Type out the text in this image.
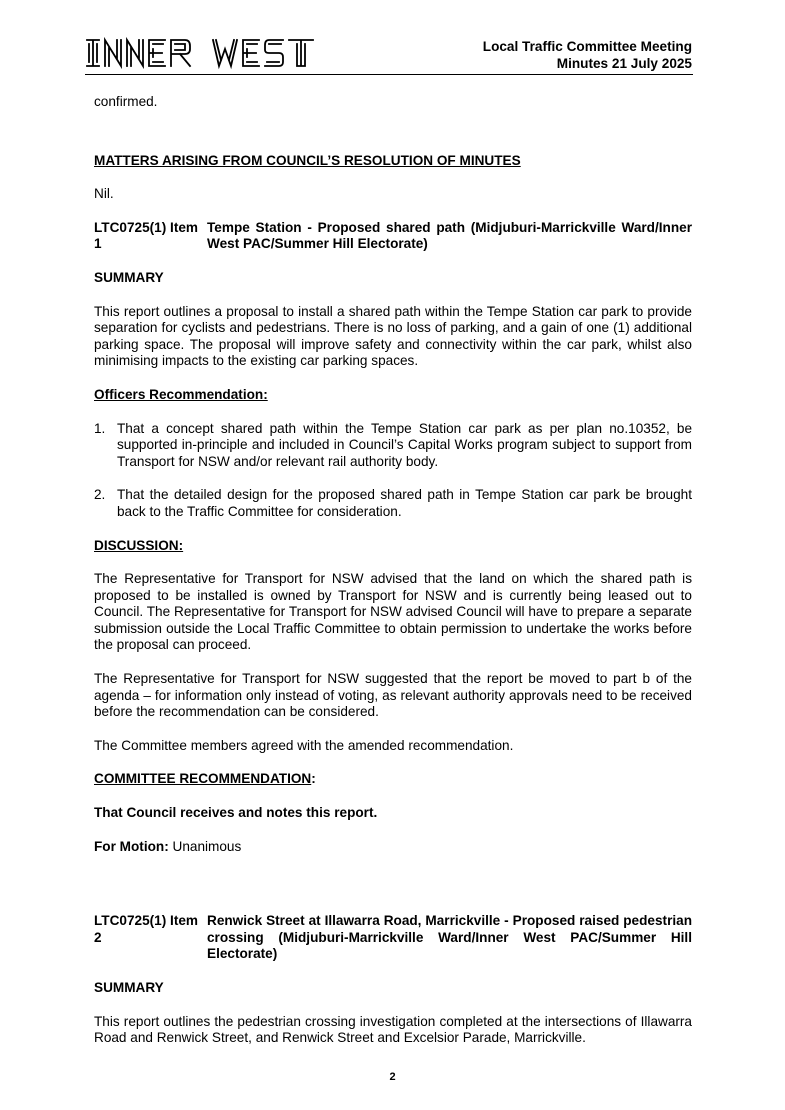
Local Traffic Committee Meeting
Minutes 21 July 2025

confirmed.

MATTERS ARISING FROM COUNCIL’S RESOLUTION OF MINUTES

Nil.

LTC0725(1) Item 1
Tempe Station - Proposed shared path (Midjuburi-Marrickville Ward/Inner West PAC/Summer Hill Electorate)

SUMMARY

This report outlines a proposal to install a shared path within the Tempe Station car park to provide separation for cyclists and pedestrians. There is no loss of parking, and a gain of one (1) additional parking space. The proposal will improve safety and connectivity within the car park, whilst also minimising impacts to the existing car parking spaces.

Officers Recommendation:

1. That a concept shared path within the Tempe Station car park as per plan no.10352, be supported in-principle and included in Council’s Capital Works program subject to support from Transport for NSW and/or relevant rail authority body.
2. That the detailed design for the proposed shared path in Tempe Station car park be brought back to the Traffic Committee for consideration.

DISCUSSION:

The Representative for Transport for NSW advised that the land on which the shared path is proposed to be installed is owned by Transport for NSW and is currently being leased out to Council. The Representative for Transport for NSW advised Council will have to prepare a separate submission outside the Local Traffic Committee to obtain permission to undertake the works before the proposal can proceed.

The Representative for Transport for NSW suggested that the report be moved to part b of the agenda – for information only instead of voting, as relevant authority approvals need to be received before the recommendation can be considered.

The Committee members agreed with the amended recommendation.

COMMITTEE RECOMMENDATION:

That Council receives and notes this report.

For Motion: Unanimous

LTC0725(1) Item 2
Renwick Street at Illawarra Road, Marrickville - Proposed raised pedestrian crossing (Midjuburi-Marrickville Ward/Inner West PAC/Summer Hill Electorate)

SUMMARY

This report outlines the pedestrian crossing investigation completed at the intersections of Illawarra Road and Renwick Street, and Renwick Street and Excelsior Parade, Marrickville.

2
